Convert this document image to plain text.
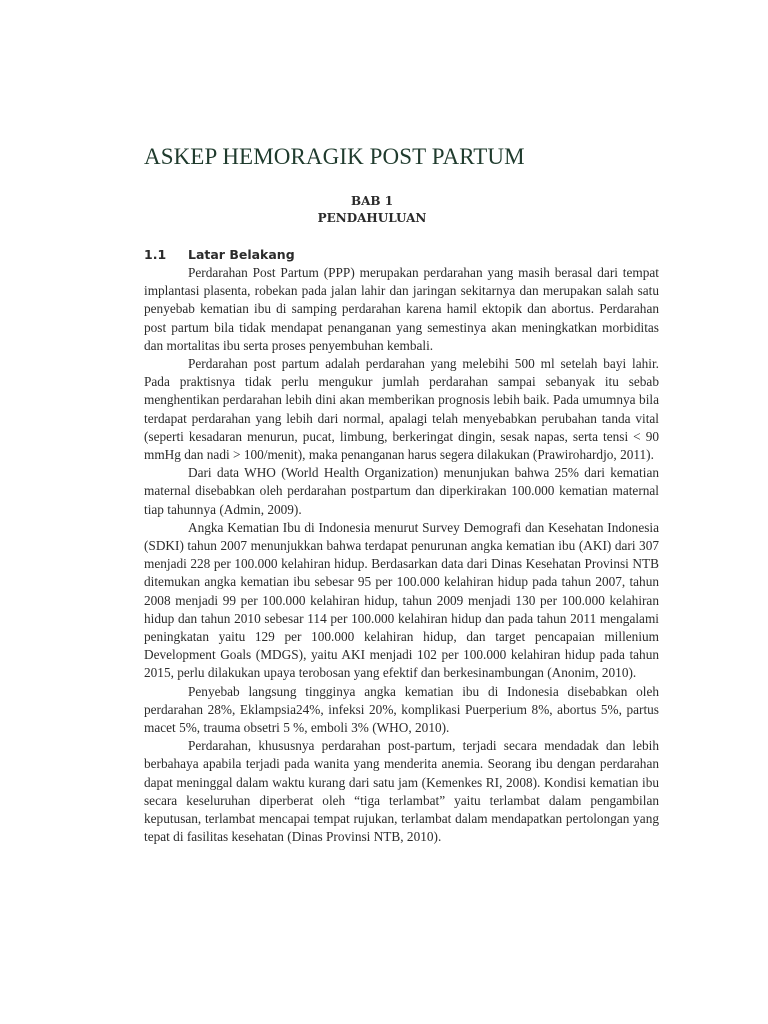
ASKEP HEMORAGIK POST PARTUM
BAB 1
PENDAHULUAN
1.1 Latar Belakang

Perdarahan Post Partum (PPP) merupakan perdarahan yang masih berasal dari tempat implantasi plasenta, robekan pada jalan lahir dan jaringan sekitarnya dan merupakan salah satu penyebab kematian ibu di samping perdarahan karena hamil ektopik dan abortus. Perdarahan post partum bila tidak mendapat penanganan yang semestinya akan meningkatkan morbiditas dan mortalitas ibu serta proses penyembuhan kembali.

Perdarahan post partum adalah perdarahan yang melebihi 500 ml setelah bayi lahir. Pada praktisnya tidak perlu mengukur jumlah perdarahan sampai sebanyak itu sebab menghentikan perdarahan lebih dini akan memberikan prognosis lebih baik. Pada umumnya bila terdapat perdarahan yang lebih dari normal, apalagi telah menyebabkan perubahan tanda vital (seperti kesadaran menurun, pucat, limbung, berkeringat dingin, sesak napas, serta tensi < 90 mmHg dan nadi > 100/menit), maka penanganan harus segera dilakukan (Prawirohardjo, 2011).

Dari data WHO (World Health Organization) menunjukan bahwa 25% dari kematian maternal disebabkan oleh perdarahan postpartum dan diperkirakan 100.000 kematian maternal tiap tahunnya (Admin, 2009).

Angka Kematian Ibu di Indonesia menurut Survey Demografi dan Kesehatan Indonesia (SDKI) tahun 2007 menunjukkan bahwa terdapat penurunan angka kematian ibu (AKI) dari 307 menjadi 228 per 100.000 kelahiran hidup. Berdasarkan data dari Dinas Kesehatan Provinsi NTB ditemukan angka kematian ibu sebesar 95 per 100.000 kelahiran hidup pada tahun 2007, tahun 2008 menjadi 99 per 100.000 kelahiran hidup, tahun 2009 menjadi 130 per 100.000 kelahiran hidup dan tahun 2010 sebesar 114 per 100.000 kelahiran hidup dan pada tahun 2011 mengalami peningkatan yaitu 129 per 100.000 kelahiran hidup, dan target pencapaian millenium Development Goals (MDGS), yaitu AKI menjadi 102 per 100.000 kelahiran hidup pada tahun 2015, perlu dilakukan upaya terobosan yang efektif dan berkesinambungan (Anonim, 2010).

Penyebab langsung tingginya angka kematian ibu di Indonesia disebabkan oleh perdarahan 28%, Eklampsia24%, infeksi 20%, komplikasi Puerperium 8%, abortus 5%, partus macet 5%, trauma obsetri 5 %, emboli 3% (WHO, 2010).

Perdarahan, khususnya perdarahan post-partum, terjadi secara mendadak dan lebih berbahaya apabila terjadi pada wanita yang menderita anemia. Seorang ibu dengan perdarahan dapat meninggal dalam waktu kurang dari satu jam (Kemenkes RI, 2008). Kondisi kematian ibu secara keseluruhan diperberat oleh “tiga terlambat” yaitu terlambat dalam pengambilan keputusan, terlambat mencapai tempat rujukan, terlambat dalam mendapatkan pertolongan yang tepat di fasilitas kesehatan (Dinas Provinsi NTB, 2010).
